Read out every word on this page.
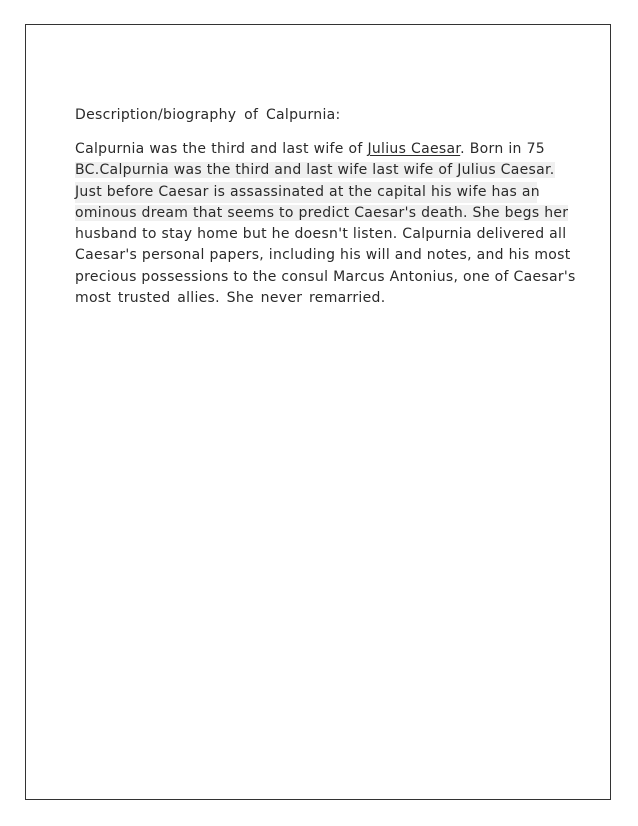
Description/biography of Calpurnia:
Calpurnia was the third and last wife of Julius Caesar. Born in 75
BC.Calpurnia was the third and last wife last wife of Julius Caesar.
Just before Caesar is assassinated at the capital his wife has an
ominous dream that seems to predict Caesar's death. She begs her
husband to stay home but he doesn't listen. Calpurnia delivered all
Caesar's personal papers, including his will and notes, and his most
precious possessions to the consul Marcus Antonius, one of Caesar's
most trusted allies. She never remarried.
